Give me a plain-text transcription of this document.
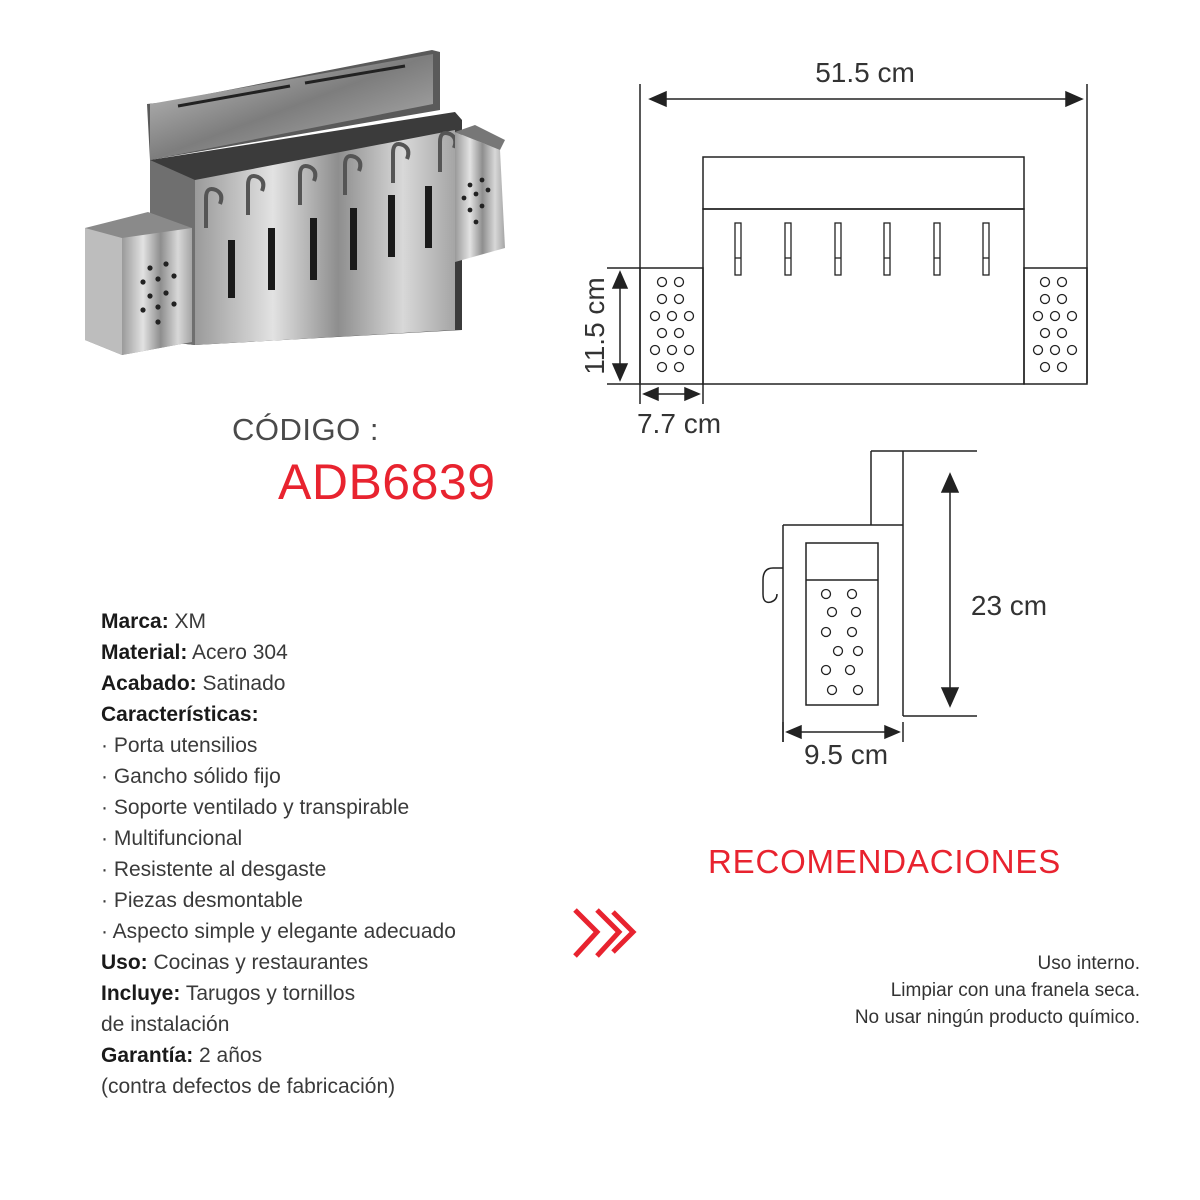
51.5 cm
11.5 cm
7.7 cm
23 cm
9.5 cm
CÓDIGO :
ADB6839
Marca: XM
Material: Acero 304
Acabado: Satinado
Características:
· Porta utensilios
· Gancho sólido fijo
· Soporte ventilado y transpirable
· Multifuncional
· Resistente al desgaste
· Piezas desmontable
· Aspecto simple y elegante adecuado
Uso: Cocinas y restaurantes
Incluye: Tarugos y tornillos
de instalación
Garantía: 2 años
(contra defectos de fabricación)
RECOMENDACIONES
Uso interno.
Limpiar con una franela seca.
No usar ningún producto químico.
